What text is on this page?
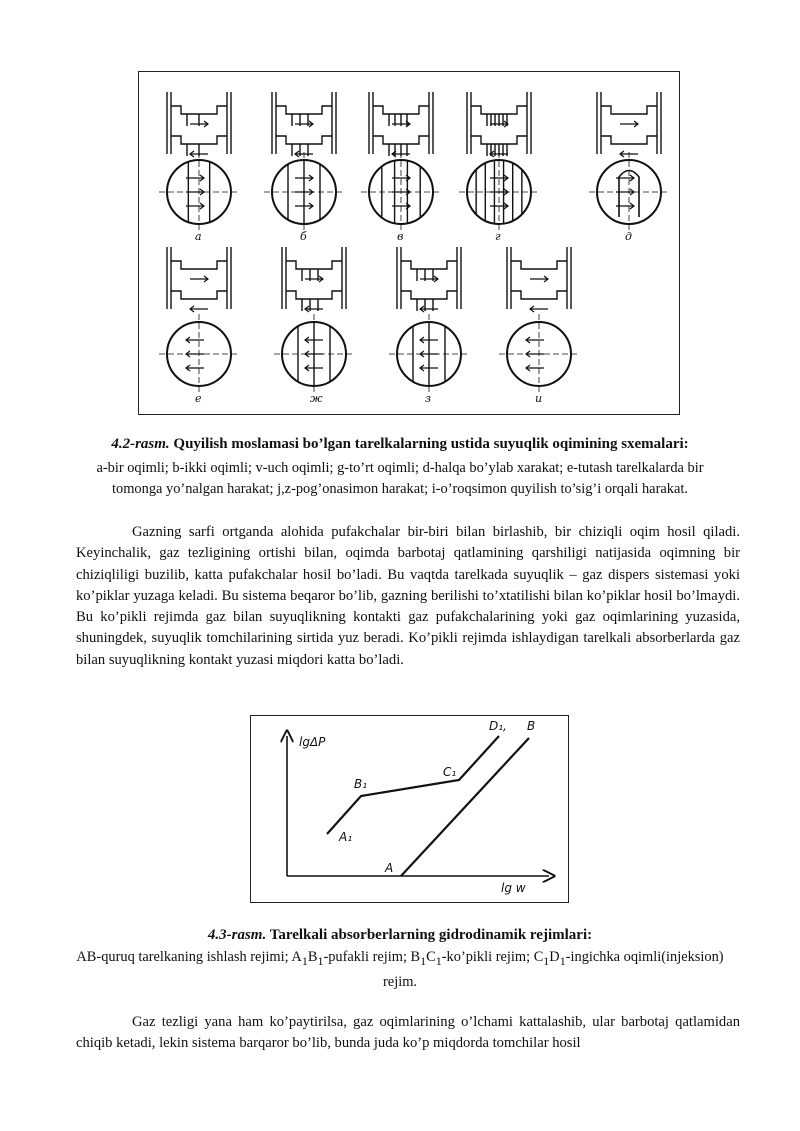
а	б	в	г	д
е	ж	з	и
4.2-rasm. Quyilish moslamasi bo’lgan tarelkalarning ustida suyuqlik oqimining sxemalari:
a-bir oqimli; b-ikki oqimli; v-uch oqimli; g-to’rt oqimli; d-halqa bo’ylab xarakat; e-tutash tarelkalarda bir tomonga yo’nalgan harakat; j,z-pog’onasimon harakat; i-o’roqsimon quyilish to’sig’i orqali harakat.
Gazning sarfi ortganda alohida pufakchalar bir-biri bilan birlashib, bir chiziqli oqim hosil qiladi. Keyinchalik, gaz tezligining ortishi bilan, oqimda barbotaj qatlamining qarshiligi natijasida oqimning bir chiziqliligi buzilib, katta pufakchalar hosil bo’ladi. Bu vaqtda tarelkada suyuqlik – gaz dispers sistemasi yoki ko’piklar yuzaga keladi. Bu sistema beqaror bo’lib, gazning berilishi to’xtatilishi bilan ko’piklar hosil bo’lmaydi. Bu ko’pikli rejimda gaz bilan suyuqlikning kontakti gaz pufakchalarining yoki gaz oqimlarining yuzasida, shuningdek, suyuqlik tomchilarining sirtida yuz beradi. Ko’pikli rejimda ishlaydigan tarelkali absorberlarda gaz bilan suyuqlikning kontakt yuzasi miqdori katta bo’ladi.
lgΔP
lg w
A₁
B₁
C₁
D₁, B
A
4.3-rasm. Tarelkali absorberlarning gidrodinamik rejimlari:
AB-quruq tarelkaning ishlash rejimi; $A_1B_1$-pufakli rejim; $B_1C_1-ko’pikli$ rejim; $C_1D_1$-ingichka oqimli(injeksion) rejim.
Gaz tezligi yana ham ko’paytirilsa, gaz oqimlarining o’lchami kattalashib, ular barbotaj qatlamidan chiqib ketadi, lekin sistema barqaror bo’lib, bunda juda ko’p miqdorda tomchilar hosil
